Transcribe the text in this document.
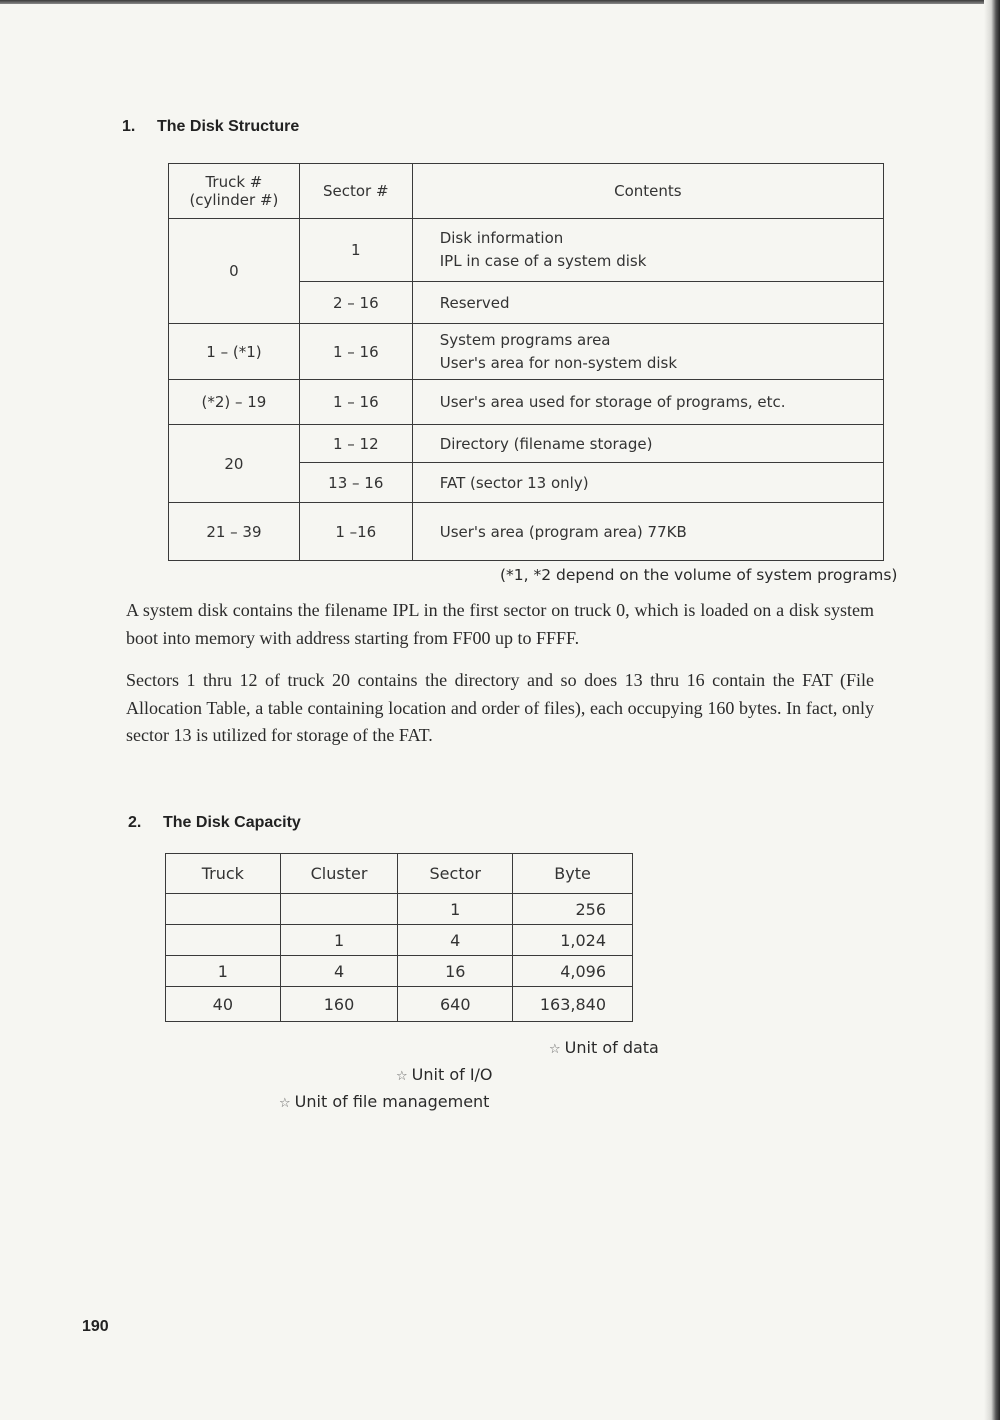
1. The Disk Structure
Truck #
(cylinder #)	Sector #	Contents
0	1	Disk information
IPL in case of a system disk

	2 – 16	Reserved
1 – (*1)	1 – 16	System programs area
User's area for non-system disk

(*2) – 19	1 – 16	User's area used for storage of programs, etc.
20	1 – 12	Directory (filename storage)
	13 – 16	FAT (sector 13 only)
21 – 39	1 –16	User's area (program area) 77KB
(*1, *2 depend on the volume of system programs)

A system disk contains the filename IPL in the first sector on truck 0, which is loaded on a disk system boot into memory with address starting from FF00 up to FFFF.

Sectors 1 thru 12 of truck 20 contains the directory and so does 13 thru 16 contain the FAT (File Allocation Table, a table containing location and order of files), each occupying 160 bytes. In fact, only sector 13 is utilized for storage of the FAT.

2. The Disk Capacity
Truck	Cluster	Sector	Byte
		1	256
	1	4	1,024
1	4	16	4,096
40	160	640	163,840
☆ Unit of data
☆ Unit of I/O
☆ Unit of file management
190
